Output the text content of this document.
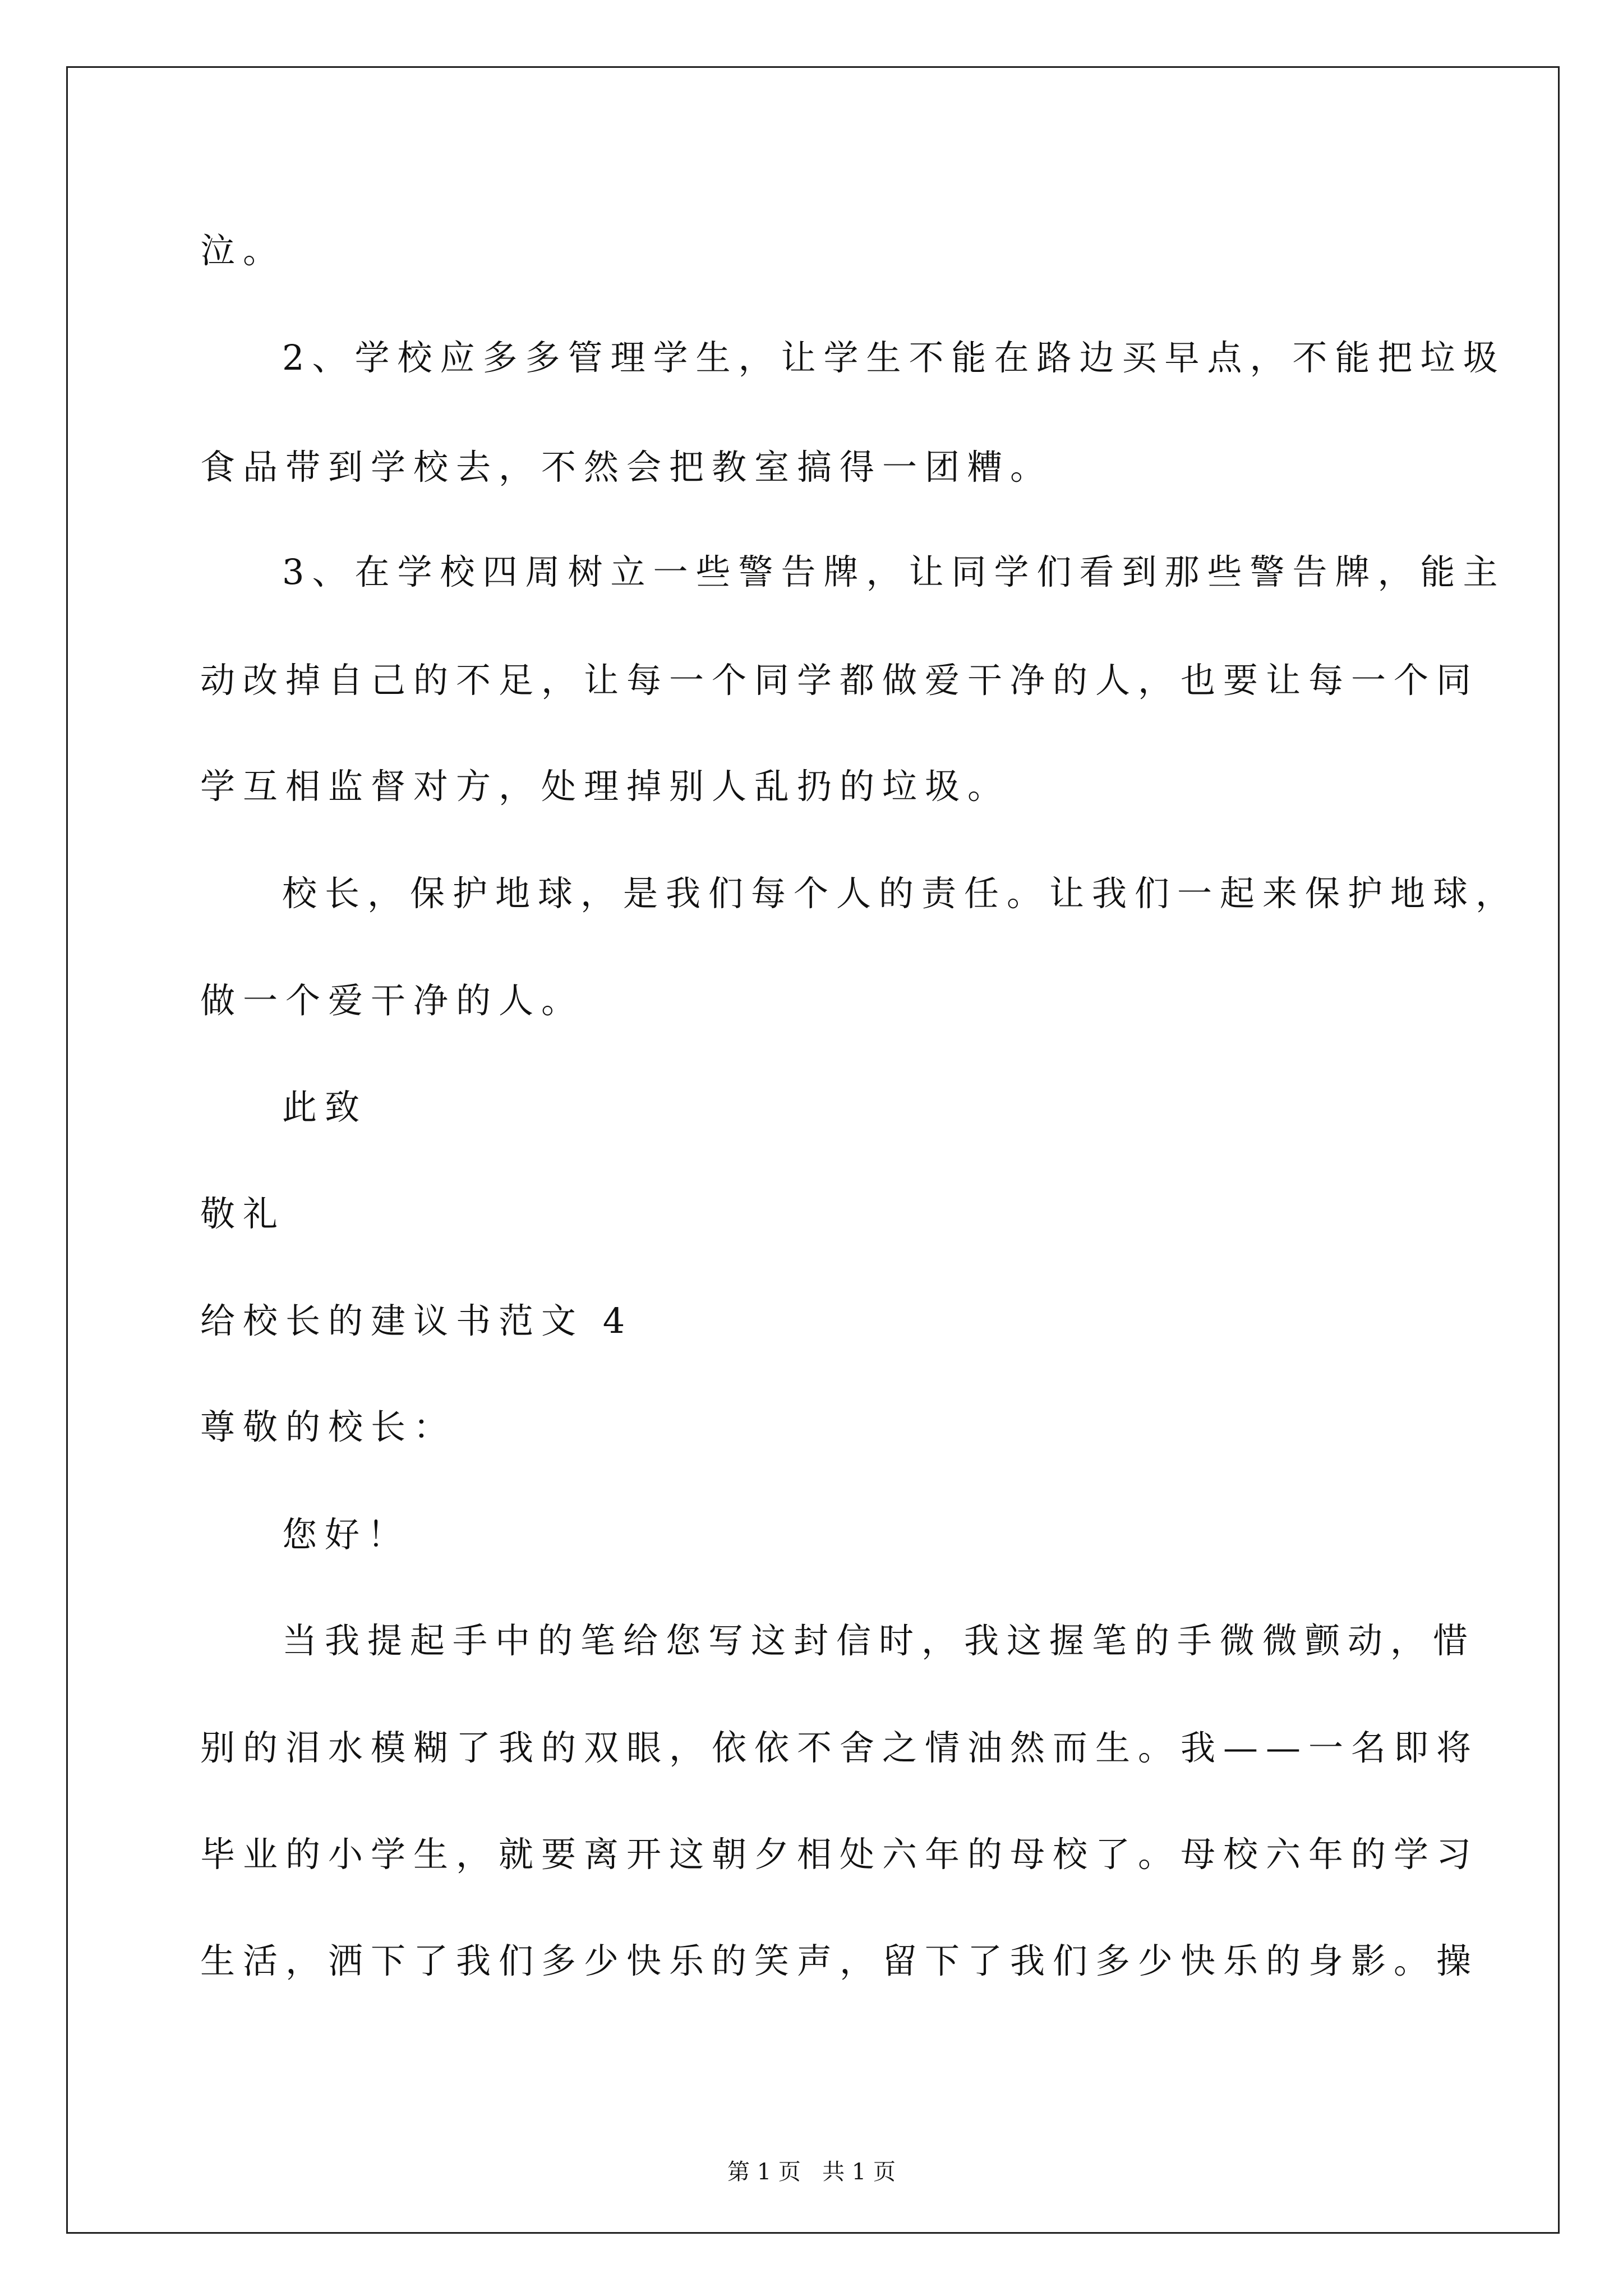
泣。
2、学校应多多管理学生，让学生不能在路边买早点，不能把垃圾
食品带到学校去，不然会把教室搞得一团糟。
3、在学校四周树立一些警告牌，让同学们看到那些警告牌，能主
动改掉自己的不足，让每一个同学都做爱干净的人，也要让每一个同
学互相监督对方，处理掉别人乱扔的垃圾。
校长，保护地球，是我们每个人的责任。让我们一起来保护地球，
做一个爱干净的人。
此致
敬礼
给校长的建议书范文 4
尊敬的校长：
您好！
当我提起手中的笔给您写这封信时，我这握笔的手微微颤动，惜
别的泪水模糊了我的双眼，依依不舍之情油然而生。我——一名即将
毕业的小学生，就要离开这朝夕相处六年的母校了。母校六年的学习
生活，洒下了我们多少快乐的笑声，留下了我们多少快乐的身影。操
第 1 页   共 1 页
